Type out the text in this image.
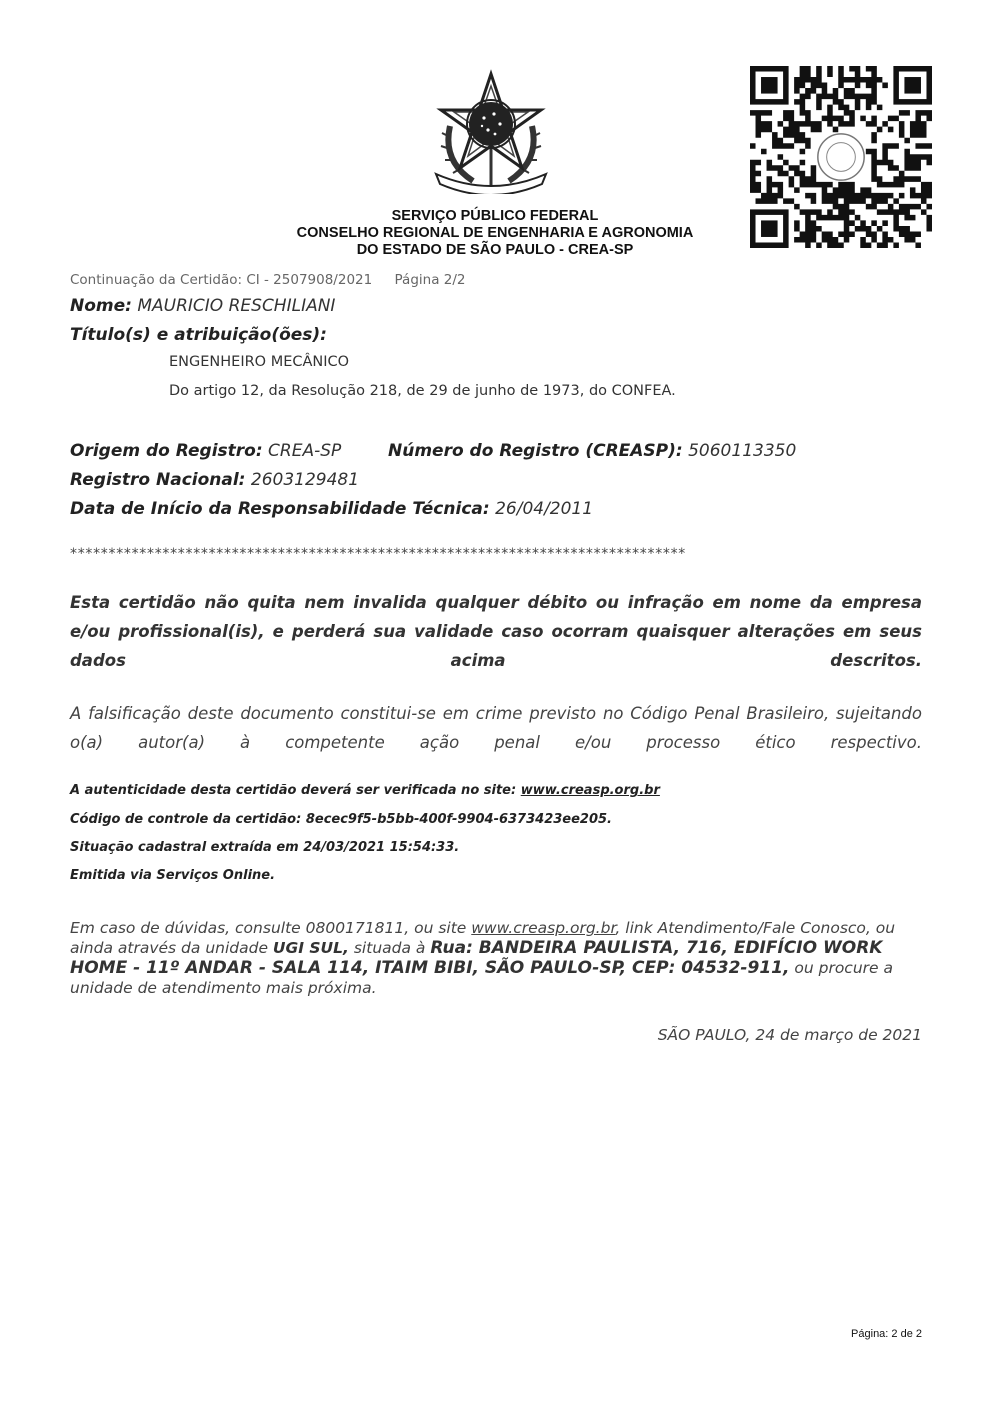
SERVIÇO PÚBLICO FEDERAL
CONSELHO REGIONAL DE ENGENHARIA E AGRONOMIA
DO ESTADO DE SÃO PAULO - CREA-SP
Continuação da Certidão: CI - 2507908/2021 Página 2/2
Nome: MAURICIO RESCHILIANI
Título(s) e atribuição(ões):
ENGENHEIRO MECÂNICO
Do artigo 12, da Resolução 218, de 29 de junho de 1973, do CONFEA.
Origem do Registro: CREA-SP	Número do Registro (CREASP): 5060113350
Registro Nacional: 2603129481
Data de Início da Responsabilidade Técnica: 26/04/2011
********************************************************************************
Esta certidão não quita nem invalida qualquer débito ou infração em nome da empresa e/ou profissional(is), e perderá sua validade caso ocorram quaisquer alterações em seus dados acima descritos.
A falsificação deste documento constitui-se em crime previsto no Código Penal Brasileiro, sujeitando o(a) autor(a) à competente ação penal e/ou processo ético respectivo.
A autenticidade desta certidão deverá ser verificada no site: www.creasp.org.br
Código de controle da certidão: 8ecec9f5-b5bb-400f-9904-6373423ee205.
Situação cadastral extraída em 24/03/2021 15:54:33.
Emitida via Serviços Online.
Em caso de dúvidas, consulte 0800171811, ou site www.creasp.org.br, link Atendimento/Fale Conosco, ou
ainda através da unidade UGI SUL, situada à Rua: BANDEIRA PAULISTA, 716, EDIFÍCIO WORK HOME - 11º ANDAR - SALA 114, ITAIM BIBI, SÃO PAULO-SP, CEP: 04532-911, ou procure a unidade de atendimento mais próxima.
SÃO PAULO, 24 de março de 2021
Página: 2 de 2
